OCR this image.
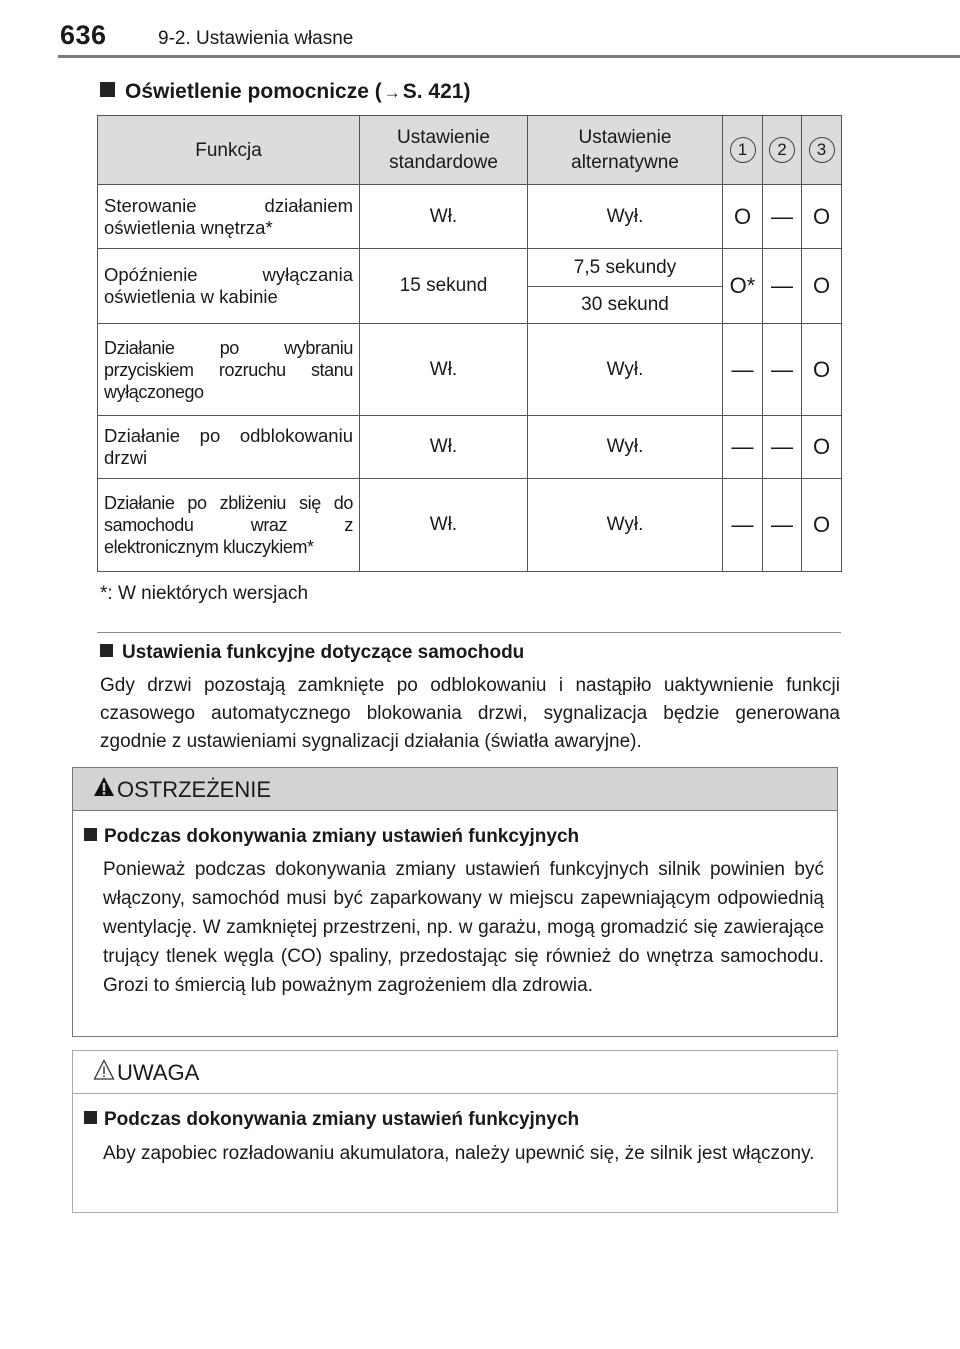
636	9-2. Ustawienia własne
Oświetlenie pomocnicze ( →S. 421)
Funkcja	Ustawienie standardowe	Ustawienie alternatywne	1	2	3
Sterowanie działaniem oświetlenia wnętrza*	Wł.	Wył.	O	—	O
Opóźnienie wyłączania oświetlenia w kabinie	15 sekund	7,5 sekundy	O*	—	O
		30 sekund			
Działanie po wybraniu przyciskiem rozruchu stanu wyłączonego	Wł.	Wył.	—	—	O
Działanie po odblokowaniu drzwi	Wł.	Wył.	—	—	O
Działanie po zbliżeniu się do samochodu wraz z elektronicznym kluczykiem*	Wł.	Wył.	—	—	O
*: W niektórych wersjach
Ustawienia funkcyjne dotyczące samochodu
Gdy drzwi pozostają zamknięte po odblokowaniu i nastąpiło uaktywnienie funkcji czasowego automatycznego blokowania drzwi, sygnalizacja będzie generowana zgodnie z ustawieniami sygnalizacji działania (światła awaryjne).
OSTRZEŻENIE
Podczas dokonywania zmiany ustawień funkcyjnych
Ponieważ podczas dokonywania zmiany ustawień funkcyjnych silnik powinien być włączony, samochód musi być zaparkowany w miejscu zapewniającym odpowiednią wentylację. W zamkniętej przestrzeni, np. w garażu, mogą gromadzić się zawierające trujący tlenek węgla (CO) spaliny, przedostając się również do wnętrza samochodu. Grozi to śmiercią lub poważnym zagrożeniem dla zdrowia.
UWAGA
Podczas dokonywania zmiany ustawień funkcyjnych
Aby zapobiec rozładowaniu akumulatora, należy upewnić się, że silnik jest włączony.
